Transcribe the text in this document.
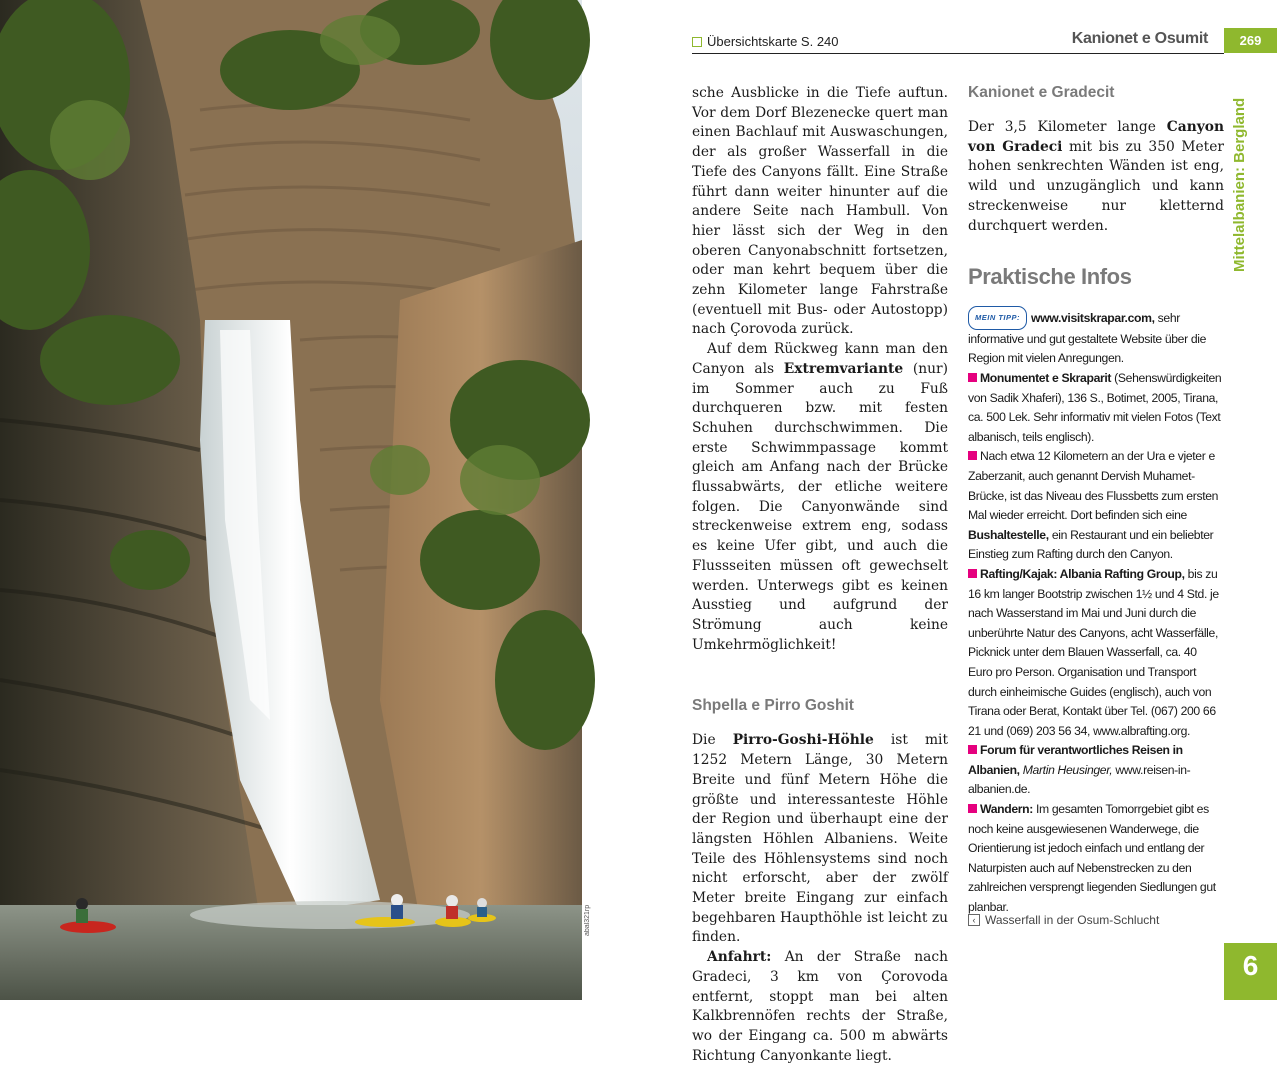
abal321rp
Übersichtskarte S. 240	Kanionet e Osumit	269
Mittelalbanien: Bergland
6

sche Ausblicke in die Tiefe auftun. Vor dem Dorf Blezenecke quert man einen Bachlauf mit Auswaschungen, der als großer Wasserfall in die Tiefe des Canyons fällt. Eine Straße führt dann weiter hinunter auf die andere Seite nach Hambull. Von hier lässt sich der Weg in den oberen Canyonabschnitt fortsetzen, oder man kehrt bequem über die zehn Kilometer lange Fahrstraße (eventuell mit Bus- oder Autostopp) nach Çorovoda zurück.

Auf dem Rückweg kann man den Canyon als Extremvariante (nur) im Sommer auch zu Fuß durchqueren bzw. mit festen Schuhen durchschwimmen. Die erste Schwimmpassage kommt gleich am Anfang nach der Brücke flussabwärts, der etliche weitere folgen. Die Canyonwände sind streckenweise extrem eng, sodass es keine Ufer gibt, und auch die Flussseiten müssen oft gewechselt werden. Unterwegs gibt es keinen Ausstieg und aufgrund der Strömung auch keine Umkehrmöglichkeit!

Shpella e Pirro Goshit

Die Pirro-Goshi-Höhle ist mit 1252 Metern Länge, 30 Metern Breite und fünf Metern Höhe die größte und interessanteste Höhle der Region und überhaupt eine der längsten Höhlen Albaniens. Weite Teile des Höhlensystems sind noch nicht erforscht, aber der zwölf Meter breite Eingang zur einfach begehbaren Haupthöhle ist leicht zu finden.

Anfahrt: An der Straße nach Gradeci, 3 km von Çorovoda entfernt, stoppt man bei alten Kalkbrennöfen rechts der Straße, wo der Eingang ca. 500 m abwärts Richtung Canyonkante liegt.

Kanionet e Gradecit

Der 3,5 Kilometer lange Canyon von Gradeci mit bis zu 350 Meter hohen senkrechten Wänden ist eng, wild und unzugänglich und kann streckenweise nur kletternd durchquert werden.

Praktische Infos
MEIN TIPP: www.visitskrapar.com, sehr informative und gut gestaltete Website über die Region mit vielen Anregungen.
Monumentet e Skraparit (Sehenswürdigkeiten von Sadik Xhaferi), 136 S., Botimet, 2005, Tirana, ca. 500 Lek. Sehr informativ mit vielen Fotos (Text albanisch, teils englisch).
Nach etwa 12 Kilometern an der Ura e vjeter e Zaberzanit, auch genannt Dervish Muhamet-Brücke, ist das Niveau des Flussbetts zum ersten Mal wieder erreicht. Dort befinden sich eine Bushaltestelle, ein Restaurant und ein beliebter Einstieg zum Rafting durch den Canyon.
Rafting/Kajak: Albania Rafting Group, bis zu 16 km langer Bootstrip zwischen 1½ und 4 Std. je nach Wasserstand im Mai und Juni durch die unberührte Natur des Canyons, acht Wasserfälle, Picknick unter dem Blauen Wasserfall, ca. 40 Euro pro Person. Organisation und Transport durch einheimische Guides (englisch), auch von Tirana oder Berat, Kontakt über Tel. (067) 200 66 21 und (069) 203 56 34, www.albrafting.org.
Forum für verantwortliches Reisen in Albanien, Martin Heusinger, www.reisen-in-albanien.de.
Wandern: Im gesamten Tomorrgebiet gibt es noch keine ausgewiesenen Wanderwege, die Orientierung ist jedoch einfach und entlang der Naturpisten auch auf Nebenstrecken zu den zahlreichen versprengt liegenden Siedlungen gut planbar.
‹ Wasserfall in der Osum-Schlucht
